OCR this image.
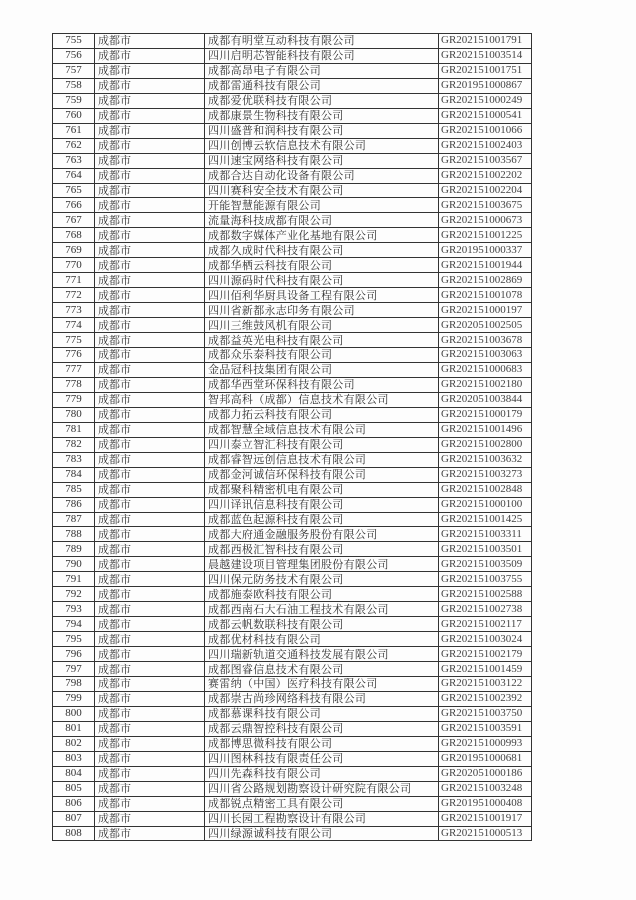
755	成都市	成都有明堂互动科技有限公司	GR202151001791
756	成都市	四川启明芯智能科技有限公司	GR202151003514
757	成都市	成都高昂电子有限公司	GR202151001751
758	成都市	成都雷通科技有限公司	GR201951000867
759	成都市	成都爱优联科技有限公司	GR202151000249
760	成都市	成都康景生物科技有限公司	GR202151000541
761	成都市	四川盛普和润科技有限公司	GR202151001066
762	成都市	四川创博云软信息技术有限公司	GR202151002403
763	成都市	四川速宝网络科技有限公司	GR202151003567
764	成都市	成都合达自动化设备有限公司	GR202151002202
765	成都市	四川赛科安全技术有限公司	GR202151002204
766	成都市	开能智慧能源有限公司	GR202151003675
767	成都市	流量海科技成都有限公司	GR202151000673
768	成都市	成都数字媒体产业化基地有限公司	GR202151001225
769	成都市	成都久成时代科技有限公司	GR201951000337
770	成都市	成都华栖云科技有限公司	GR202151001944
771	成都市	四川源码时代科技有限公司	GR202151002869
772	成都市	四川佰利华厨具设备工程有限公司	GR202151001078
773	成都市	四川省新都永志印务有限公司	GR202151000197
774	成都市	四川三维鼓风机有限公司	GR202051002505
775	成都市	成都益英光电科技有限公司	GR202151003678
776	成都市	成都众乐泰科技有限公司	GR202151003063
777	成都市	金品冠科技集团有限公司	GR202151000683
778	成都市	成都华西堂环保科技有限公司	GR202151002180
779	成都市	智邦高科（成都）信息技术有限公司	GR202051003844
780	成都市	成都力拓云科技有限公司	GR202151000179
781	成都市	成都智慧全域信息技术有限公司	GR202151001496
782	成都市	四川泰立智汇科技有限公司	GR202151002800
783	成都市	成都睿智远创信息技术有限公司	GR202151003632
784	成都市	成都金河诚信环保科技有限公司	GR202151003273
785	成都市	成都聚科精密机电有限公司	GR202151002848
786	成都市	四川译讯信息科技有限公司	GR202151000100
787	成都市	成都蓝色起源科技有限公司	GR202151001425
788	成都市	成都大府通金融服务股份有限公司	GR202151003311
789	成都市	成都西极汇智科技有限公司	GR202151003501
790	成都市	晨越建设项目管理集团股份有限公司	GR202151003509
791	成都市	四川保元防务技术有限公司	GR202151003755
792	成都市	成都施泰欧科技有限公司	GR202151002588
793	成都市	成都西南石大石油工程技术有限公司	GR202151002738
794	成都市	成都云帆数联科技有限公司	GR202151002117
795	成都市	成都优材科技有限公司	GR202151003024
796	成都市	四川瑞新轨道交通科技发展有限公司	GR202151002179
797	成都市	成都图睿信息技术有限公司	GR202151001459
798	成都市	赛雷纳（中国）医疗科技有限公司	GR202151003122
799	成都市	成都崇古尚珍网络科技有限公司	GR202151002392
800	成都市	成都慕课科技有限公司	GR202151003750
801	成都市	成都云鼎智控科技有限公司	GR202151003591
802	成都市	成都博思微科技有限公司	GR202151000993
803	成都市	四川图林科技有限责任公司	GR201951000681
804	成都市	四川先森科技有限公司	GR202051000186
805	成都市	四川省公路规划勘察设计研究院有限公司	GR202151003248
806	成都市	成都锐点精密工具有限公司	GR201951000408
807	成都市	四川长园工程勘察设计有限公司	GR202151001917
808	成都市	四川绿源诚科技有限公司	GR202151000513
